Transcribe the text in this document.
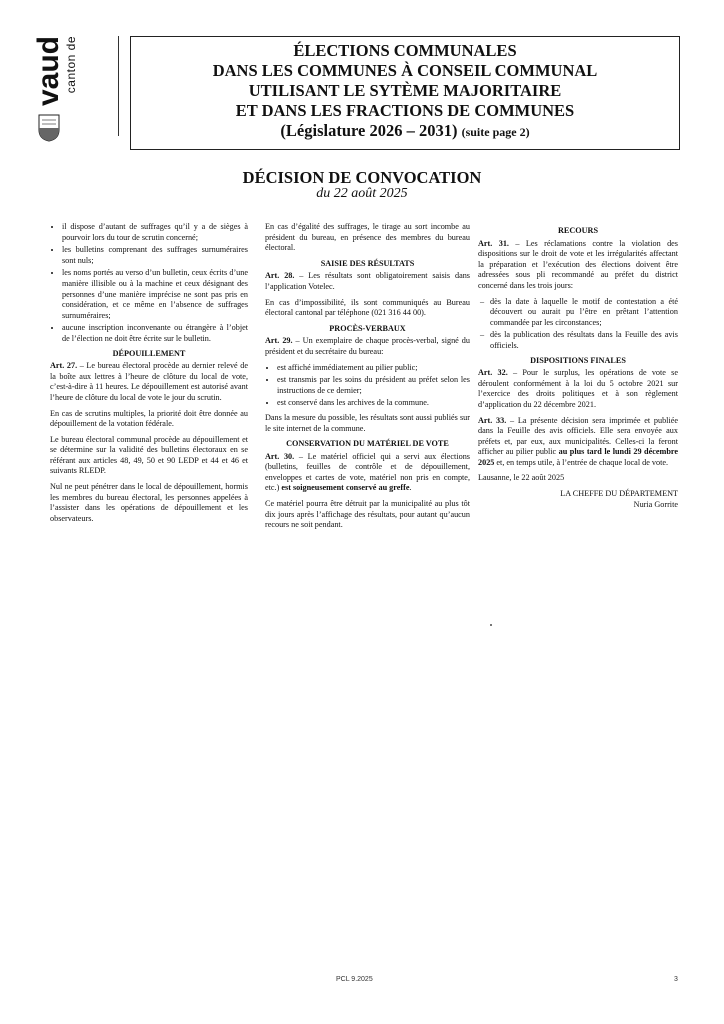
vaud canton de	ÉLECTIONS COMMUNALES
DANS LES COMMUNES À CONSEIL COMMUNAL
UTILISANT LE SYTÈME MAJORITAIRE
ET DANS LES FRACTIONS DE COMMUNES
(Législature 2026 – 2031) (suite page 2)
DÉCISION DE CONVOCATION
du 22 août 2025
• il dispose d’autant de suffrages qu’il y a de sièges à pourvoir lors du tour de scrutin concerné;
• les bulletins comprenant des suffrages surnuméraires sont nuls;
• les noms portés au verso d’un bulletin, ceux écrits d’une manière illisible ou à la machine et ceux désignant des personnes d’une manière imprécise ne sont pas pris en considération, et ce même en l’absence de suffrages surnuméraires;
• aucune inscription inconvenante ou étrangère à l’objet de l’élection ne doit être écrite sur le bulletin.
DÉPOUILLEMENT

Art. 27. – Le bureau électoral procède au dernier relevé de la boîte aux lettres à l’heure de clôture du local de vote, c’est-à-dire à 11 heures. Le dépouillement est autorisé avant l’heure de clôture du local de vote le jour du scrutin.

En cas de scrutins multiples, la priorité doit être donnée au dépouillement de la votation fédérale.

Le bureau électoral communal procède au dépouillement et se détermine sur la validité des bulletins électoraux en se référant aux articles 48, 49, 50 et 90 LEDP et 44 et 46 et suivants RLEDP.

Nul ne peut pénétrer dans le local de dépouillement, hormis les membres du bureau électoral, les personnes appelées à l’assister dans les opérations de dépouillement et les observateurs.

En cas d’égalité des suffrages, le tirage au sort incombe au président du bureau, en présence des membres du bureau électoral.

SAISIE DES RÉSULTATS

Art. 28. – Les résultats sont obligatoirement saisis dans l’application Votelec.

En cas d’impossibilité, ils sont communiqués au Bureau électoral cantonal par téléphone (021 316 44 00).

PROCÈS-VERBAUX

Art. 29. – Un exemplaire de chaque procès-verbal, signé du président et du secrétaire du bureau:

• est affiché immédiatement au pilier public;
• est transmis par les soins du président au préfet selon les instructions de ce dernier;
• est conservé dans les archives de la commune.

Dans la mesure du possible, les résultats sont aussi publiés sur le site internet de la commune.

CONSERVATION DU MATÉRIEL DE VOTE

Art. 30. – Le matériel officiel qui a servi aux élections (bulletins, feuilles de contrôle et de dépouillement, enveloppes et cartes de vote, matériel non pris en compte, etc.) est soigneusement conservé au greffe.

Ce matériel pourra être détruit par la municipalité au plus tôt dix jours après l’affichage des résultats, pour autant qu’aucun recours ne soit pendant.

RECOURS

Art. 31. – Les réclamations contre la violation des dispositions sur le droit de vote et les irrégularités affectant la préparation et l’exécution des élections doivent être adressées sous pli recommandé au préfet du district concerné dans les trois jours:

– dès la date à laquelle le motif de contestation a été découvert ou aurait pu l’être en prêtant l’attention commandée par les circonstances;
– dès la publication des résultats dans la Feuille des avis officiels.
DISPOSITIONS FINALES

Art. 32. – Pour le surplus, les opérations de vote se déroulent conformément à la loi du 5 octobre 2021 sur l’exercice des droits politiques et à son règlement d’application du 22 décembre 2021.

Art. 33. – La présente décision sera imprimée et publiée dans la Feuille des avis officiels. Elle sera envoyée aux préfets et, par eux, aux municipalités. Celles-ci la feront afficher au pilier public au plus tard le lundi 29 décembre 2025 et, en temps utile, à l’entrée de chaque local de vote.

Lausanne, le 22 août 2025

LA CHEFFE DU DÉPARTEMENT

Nuria Gorrite

PCL 9.2025	3
